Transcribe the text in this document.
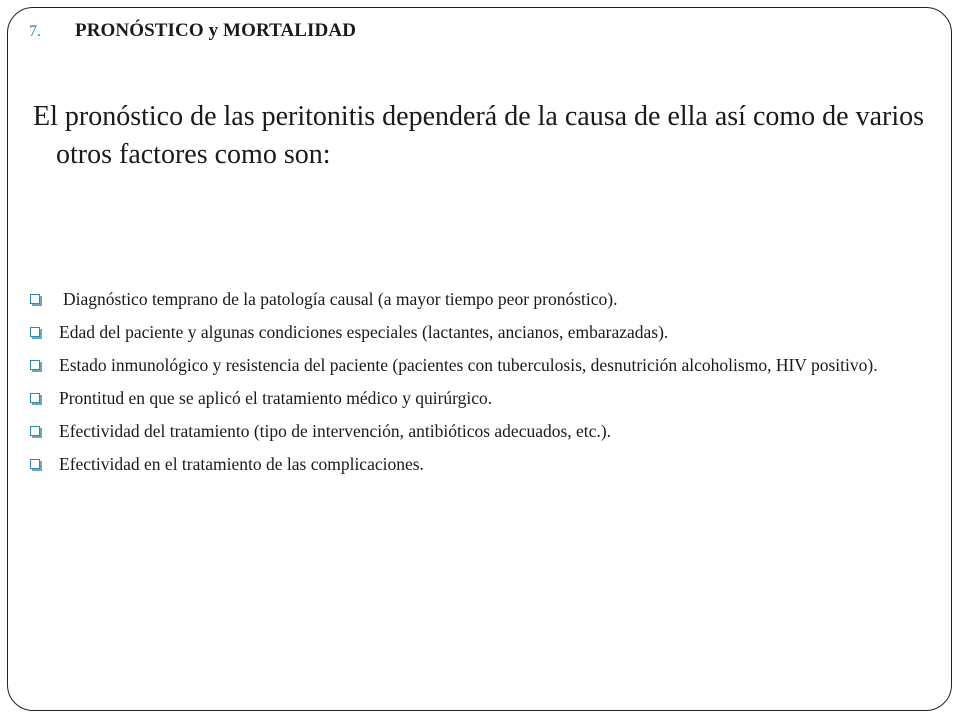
7.	PRONÓSTICO y MORTALIDAD

El pronóstico de las peritonitis dependerá de la causa de ella así como de varios otros factores como son:

Diagnóstico temprano de la patología causal (a mayor tiempo peor pronóstico).
Edad del paciente y algunas condiciones especiales (lactantes, ancianos, embarazadas).
Estado inmunológico y resistencia del paciente (pacientes con tuberculosis, desnutrición alcoholismo, HIV positivo).
Prontitud en que se aplicó el tratamiento médico y quirúrgico.
Efectividad del tratamiento (tipo de intervención, antibióticos adecuados, etc.).
Efectividad en el tratamiento de las complicaciones.
